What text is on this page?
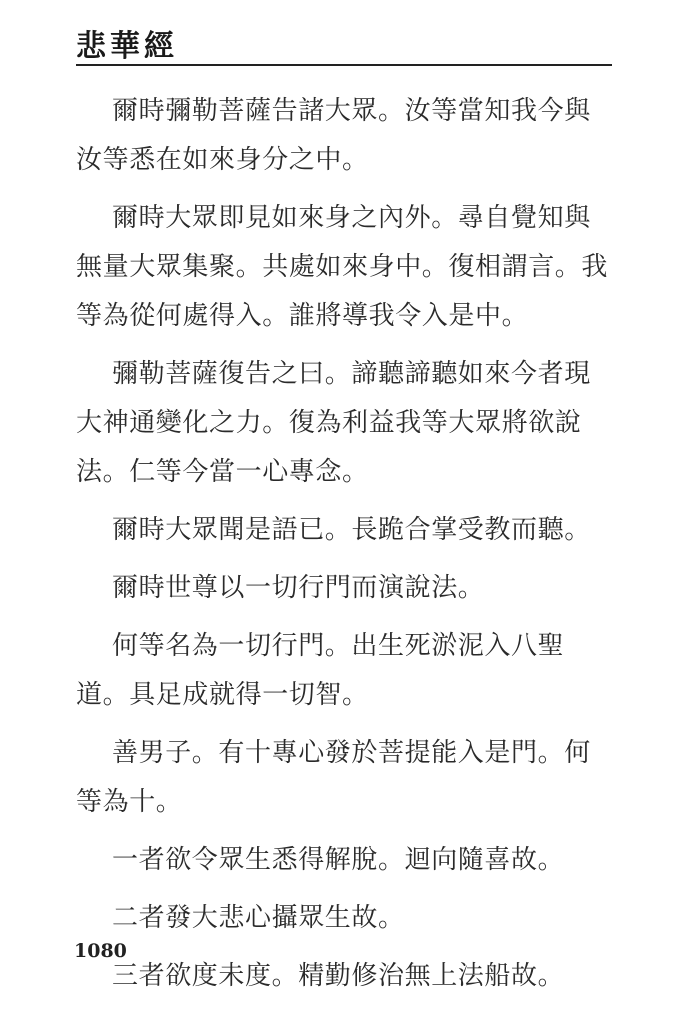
悲華經

爾時彌勒菩薩告諸大眾。汝等當知我今與汝等悉在如來身分之中。

爾時大眾即見如來身之內外。尋自覺知與無量大眾集聚。共處如來身中。復相謂言。我等為從何處得入。誰將導我令入是中。

彌勒菩薩復告之曰。諦聽諦聽如來今者現大神通變化之力。復為利益我等大眾將欲說法。仁等今當一心專念。

爾時大眾聞是語已。長跪合掌受教而聽。

爾時世尊以一切行門而演說法。

何等名為一切行門。出生死淤泥入八聖道。具足成就得一切智。

善男子。有十專心發於菩提能入是門。何等為十。

一者欲令眾生悉得解脫。迴向隨喜故。

二者發大悲心攝眾生故。

三者欲度未度。精勤修治無上法船故。

1080
